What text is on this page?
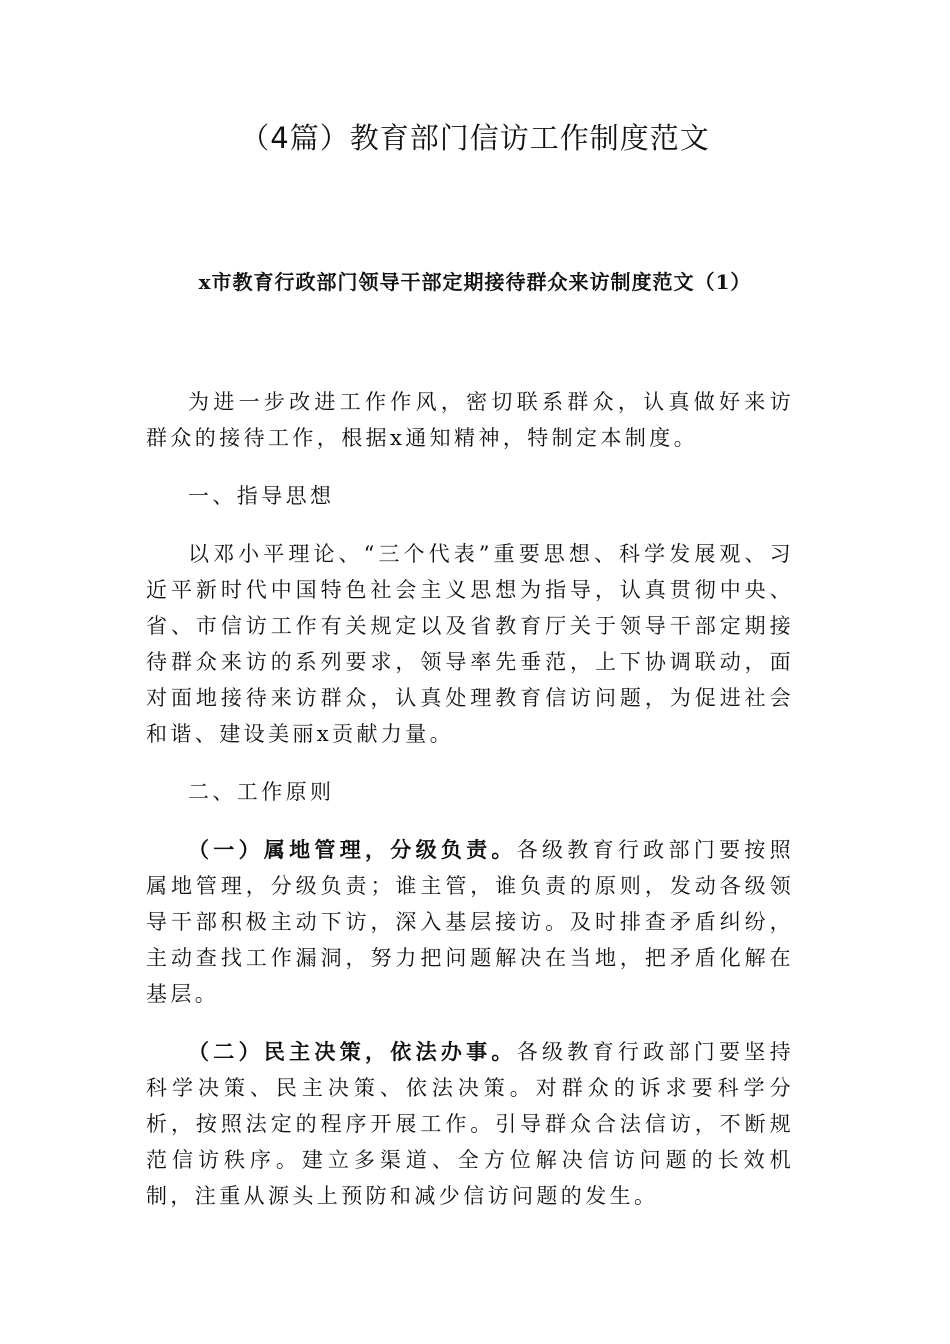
（4篇）教育部门信访工作制度范文
x市教育行政部门领导干部定期接待群众来访制度范文（1）

为进一步改进工作作风，密切联系群众，认真做好来访群众的接待工作，根据x通知精神，特制定本制度。

一、指导思想

以邓小平理论、“三个代表”重要思想、科学发展观、习近平新时代中国特色社会主义思想为指导，认真贯彻中央、省、市信访工作有关规定以及省教育厅关于领导干部定期接待群众来访的系列要求，领导率先垂范，上下协调联动，面对面地接待来访群众，认真处理教育信访问题，为促进社会和谐、建设美丽x贡献力量。

二、工作原则

（一）属地管理，分级负责。各级教育行政部门要按照属地管理，分级负责；谁主管，谁负责的原则，发动各级领导干部积极主动下访，深入基层接访。及时排查矛盾纠纷，主动查找工作漏洞，努力把问题解决在当地，把矛盾化解在基层。

（二）民主决策，依法办事。各级教育行政部门要坚持科学决策、民主决策、依法决策。对群众的诉求要科学分析，按照法定的程序开展工作。引导群众合法信访，不断规范信访秩序。建立多渠道、全方位解决信访问题的长效机制，注重从源头上预防和减少信访问题的发生。
